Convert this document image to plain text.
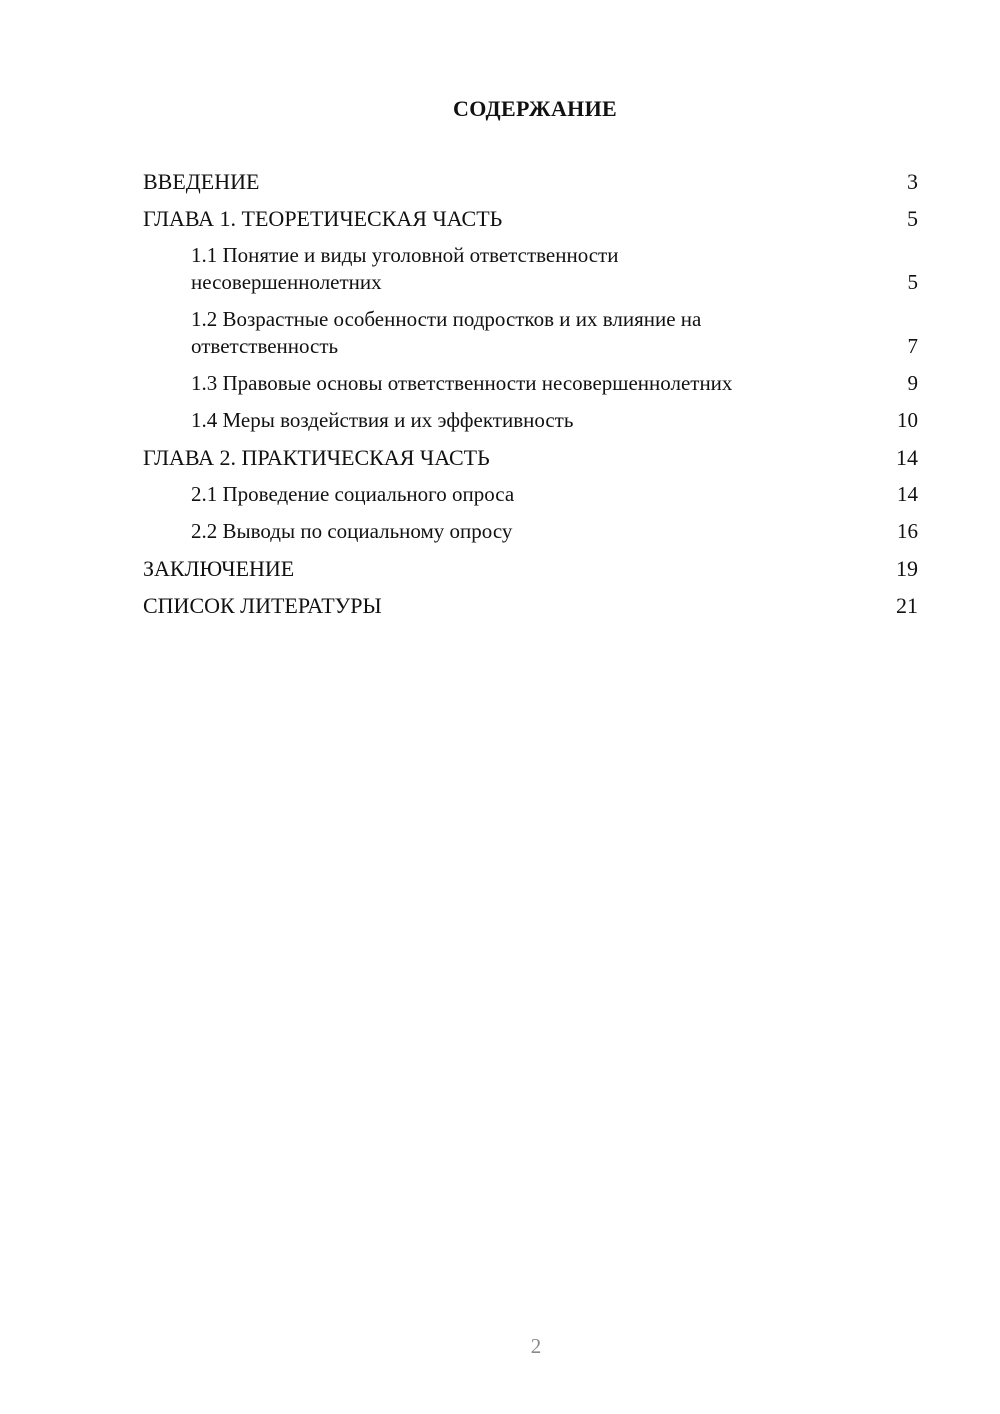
СОДЕРЖАНИЕ
ВВЕДЕНИЕ	3
ГЛАВА 1. ТЕОРЕТИЧЕСКАЯ ЧАСТЬ	5
1.1 Понятие и виды уголовной ответственности несовершеннолетних	5
1.2 Возрастные особенности подростков и их влияние на ответственность	7
1.3 Правовые основы ответственности несовершеннолетних	9
1.4 Меры воздействия и их эффективность	10
ГЛАВА 2. ПРАКТИЧЕСКАЯ ЧАСТЬ	14
2.1 Проведение социального опроса	14
2.2 Выводы по социальному опросу	16
ЗАКЛЮЧЕНИЕ	19
СПИСОК ЛИТЕРАТУРЫ	21
2
